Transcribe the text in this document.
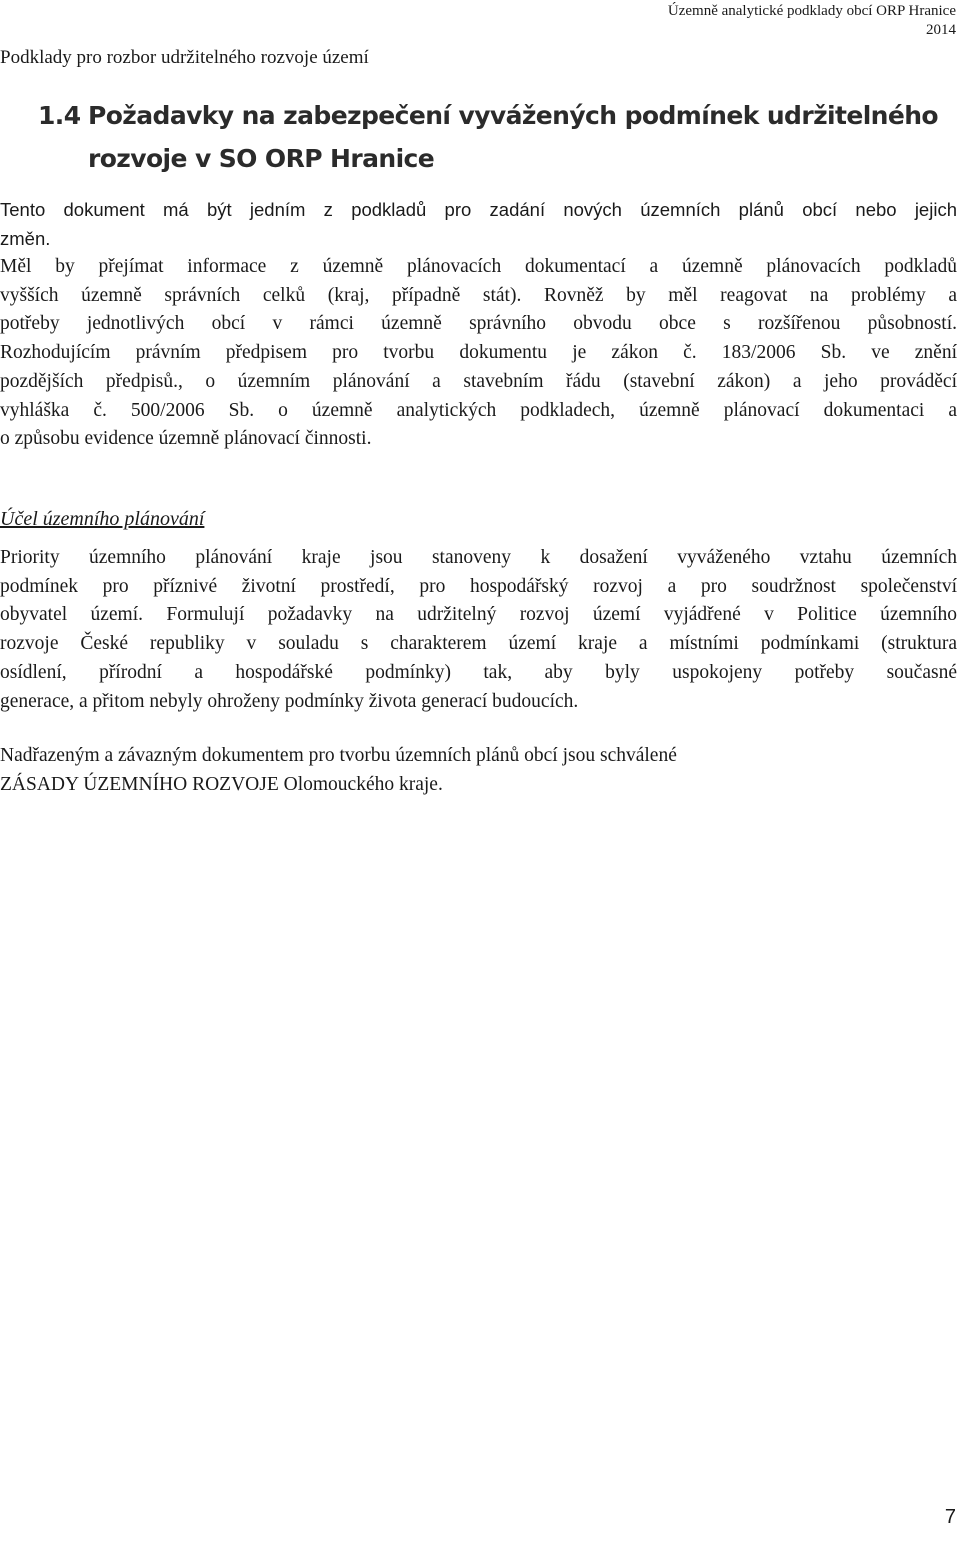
Územně analytické podklady obcí ORP Hranice
2014
Podklady pro rozbor udržitelného rozvoje území
1.4 Požadavky na zabezpečení vyvážených podmínek udržitelného
rozvoje v SO ORP Hranice
Tento dokument má být jedním z podkladů pro zadání nových územních plánů obcí nebo jejich
změn.
Měl by přejímat informace z územně plánovacích dokumentací a územně plánovacích podkladů
vyšších územně správních celků (kraj, případně stát). Rovněž by měl reagovat na problémy a
potřeby jednotlivých obcí v rámci územně správního obvodu obce s rozšířenou působností.
Rozhodujícím právním předpisem pro tvorbu dokumentu je zákon č. 183/2006 Sb. ve znění
pozdějších předpisů., o územním plánování a stavebním řádu (stavební zákon) a jeho prováděcí
vyhláška č. 500/2006 Sb. o územně analytických podkladech, územně plánovací dokumentaci a
o způsobu evidence územně plánovací činnosti.
Účel územního plánování
Priority územního plánování kraje jsou stanoveny k dosažení vyváženého vztahu územních
podmínek pro příznivé životní prostředí, pro hospodářský rozvoj a pro soudržnost společenství
obyvatel území. Formulují požadavky na udržitelný rozvoj území vyjádřené v Politice územního
rozvoje České republiky v souladu s charakterem území kraje a místními podmínkami (struktura
osídlení, přírodní a hospodářské podmínky) tak, aby byly uspokojeny potřeby současné
generace, a přitom nebyly ohroženy podmínky života generací budoucích.
Nadřazeným a závazným dokumentem pro tvorbu územních plánů obcí jsou schválené
ZÁSADY ÚZEMNÍHO ROZVOJE Olomouckého kraje.
7
